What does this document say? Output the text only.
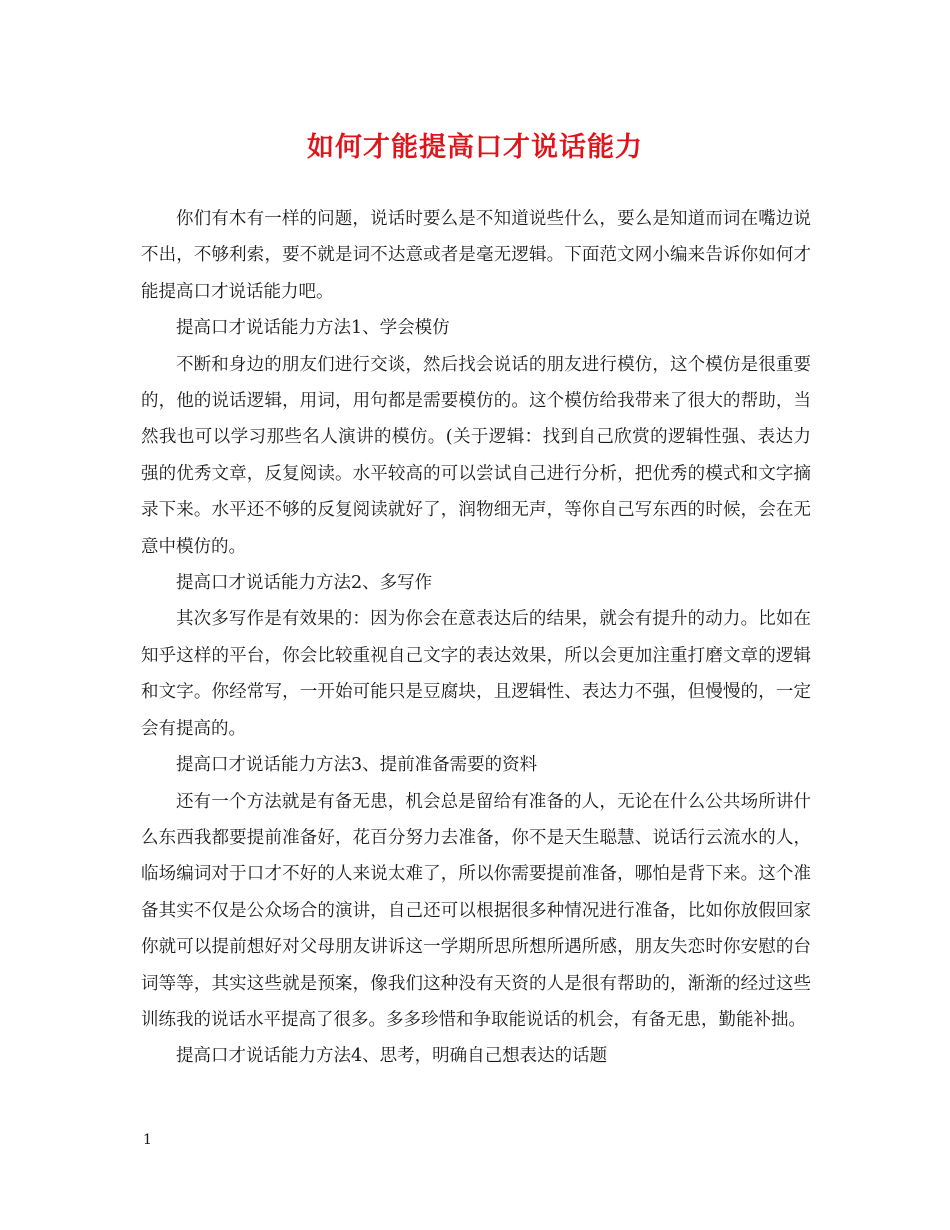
如何才能提高口才说话能力

你们有木有一样的问题，说话时要么是不知道说些什么，要么是知道而词在嘴边说不出，不够利索，要不就是词不达意或者是毫无逻辑。下面范文网小编来告诉你如何才能提高口才说话能力吧。

提高口才说话能力方法1、学会模仿

不断和身边的朋友们进行交谈，然后找会说话的朋友进行模仿，这个模仿是很重要的，他的说话逻辑，用词，用句都是需要模仿的。这个模仿给我带来了很大的帮助，当然我也可以学习那些名人演讲的模仿。(关于逻辑：找到自己欣赏的逻辑性强、表达力强的优秀文章，反复阅读。水平较高的可以尝试自己进行分析，把优秀的模式和文字摘录下来。水平还不够的反复阅读就好了，润物细无声，等你自己写东西的时候，会在无意中模仿的。

提高口才说话能力方法2、多写作

其次多写作是有效果的：因为你会在意表达后的结果，就会有提升的动力。比如在知乎这样的平台，你会比较重视自己文字的表达效果，所以会更加注重打磨文章的逻辑和文字。你经常写，一开始可能只是豆腐块，且逻辑性、表达力不强，但慢慢的，一定会有提高的。

提高口才说话能力方法3、提前准备需要的资料

还有一个方法就是有备无患，机会总是留给有准备的人，无论在什么公共场所讲什么东西我都要提前准备好，花百分努力去准备，你不是天生聪慧、说话行云流水的人，临场编词对于口才不好的人来说太难了，所以你需要提前准备，哪怕是背下来。这个准备其实不仅是公众场合的演讲，自己还可以根据很多种情况进行准备，比如你放假回家你就可以提前想好对父母朋友讲诉这一学期所思所想所遇所感，朋友失恋时你安慰的台词等等，其实这些就是预案，像我们这种没有天资的人是很有帮助的，渐渐的经过这些训练我的说话水平提高了很多。多多珍惜和争取能说话的机会，有备无患，勤能补拙。

提高口才说话能力方法4、思考，明确自己想表达的话题

1
